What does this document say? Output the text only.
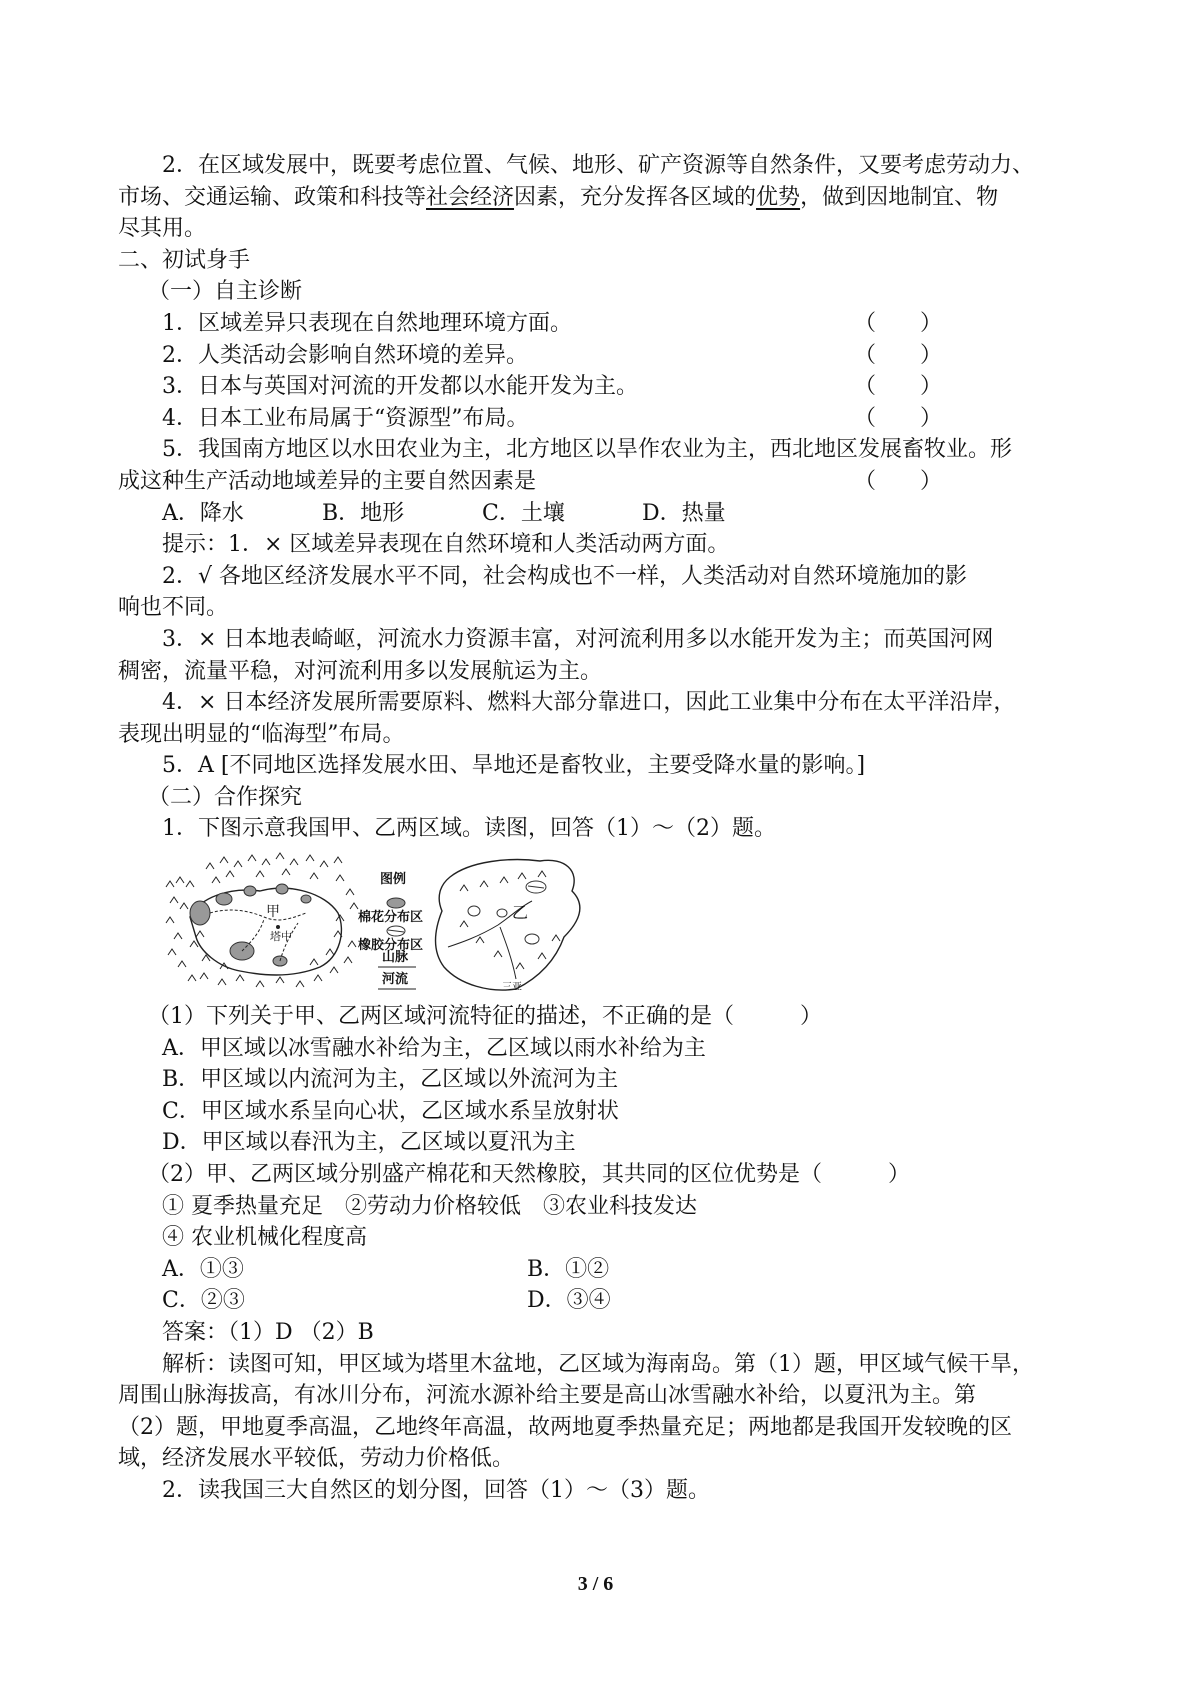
2．在区域发展中，既要考虑位置、气候、地形、矿产资源等自然条件，又要考虑劳动力、
市场、交通运输、政策和科技等社会经济因素，充分发挥各区域的优势，做到因地制宜、物
尽其用。
二、初试身手
（一）自主诊断
1．区域差异只表现在自然地理环境方面。	（　　）
2．人类活动会影响自然环境的差异。	（　　）
3．日本与英国对河流的开发都以水能开发为主。	（　　）
4．日本工业布局属于“资源型”布局。	（　　）
5．我国南方地区以水田农业为主，北方地区以旱作农业为主，西北地区发展畜牧业。形
成这种生产活动地域差异的主要自然因素是	（　　）
A．降水	B．地形	C．土壤	D．热量
提示：1．× 区域差异表现在自然环境和人类活动两方面。
2．√ 各地区经济发展水平不同，社会构成也不一样，人类活动对自然环境施加的影
响也不同。
3．× 日本地表崎岖，河流水力资源丰富，对河流利用多以水能开发为主；而英国河网
稠密，流量平稳，对河流利用多以发展航运为主。
4．× 日本经济发展所需要原料、燃料大部分靠进口，因此工业集中分布在太平洋沿岸，
表现出明显的“临海型”布局。
5．A [不同地区选择发展水田、旱地还是畜牧业，主要受降水量的影响。]
（二）合作探究
1．下图示意我国甲、乙两区域。读图，回答（1）～（2）题。
甲
塔中
乙
三亚
图例
棉花分布区
橡胶分布区
山脉
河流
（1）下列关于甲、乙两区域河流特征的描述，不正确的是（　　　）
A．甲区域以冰雪融水补给为主，乙区域以雨水补给为主
B．甲区域以内流河为主，乙区域以外流河为主
C．甲区域水系呈向心状，乙区域水系呈放射状
D．甲区域以春汛为主，乙区域以夏汛为主
（2）甲、乙两区域分别盛产棉花和天然橡胶，其共同的区位优势是（　　　）
① 夏季热量充足　②劳动力价格较低　③农业科技发达
④ 农业机械化程度高
A．①③	B．①②
C．②③	D．③④
答案：（1）D （2）B
解析：读图可知，甲区域为塔里木盆地，乙区域为海南岛。第（1）题，甲区域气候干旱，
周围山脉海拔高，有冰川分布，河流水源补给主要是高山冰雪融水补给，以夏汛为主。第
（2）题，甲地夏季高温，乙地终年高温，故两地夏季热量充足；两地都是我国开发较晚的区
域，经济发展水平较低，劳动力价格低。
2．读我国三大自然区的划分图，回答（1）～（3）题。
3 / 6
